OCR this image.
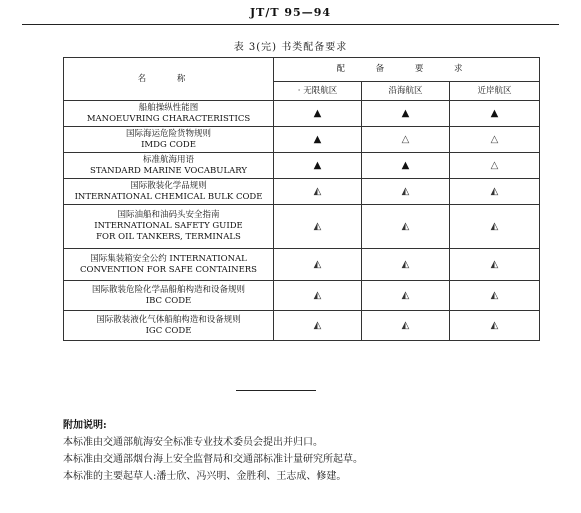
JT/T 95—94
表 3(完) 书类配备要求
名 称	配 备 要 求		
	· 无限航区	沿海航区	近岸航区

船舶操纵性能图
MANOEUVRING CHARACTERISTICS	▲	▲	▲

国际海运危险货物规则
IMDG CODE	▲	△	△

标准航海用语
STANDARD MARINE VOCABULARY	▲	▲	△

国际散装化学品规则
INTERNATIONAL CHEMICAL BULK CODE	◭	◭	◭

国际油船和油码头安全指南
INTERNATIONAL SAFETY GUIDE
FOR OIL TANKERS, TERMINALS	◭	◭	◭

国际集装箱安全公约 INTERNATIONAL
CONVENTION FOR SAFE CONTAINERS	◭	◭	◭

国际散装危险化学品船舶构造和设备规则
IBC CODE	◭	◭	◭

国际散装液化气体船舶构造和设备规则
IGC CODE	◭	◭	◭
附加说明:
本标准由交通部航海安全标准专业技术委员会提出并归口。
本标准由交通部烟台海上安全监督局和交通部标准计量研究所起草。
本标准的主要起草人:潘士欣、冯兴明、金胜利、王志成、修建。
